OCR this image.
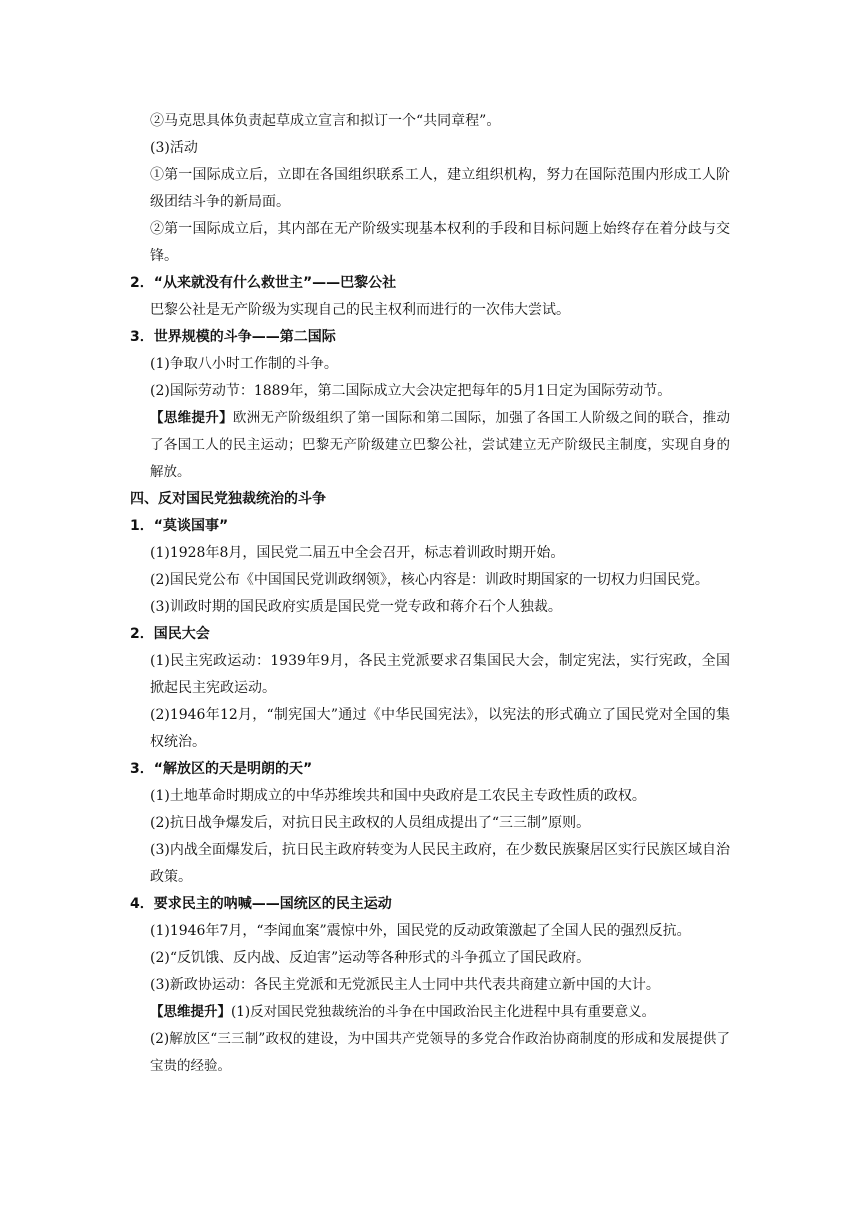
②马克思具体负责起草成立宣言和拟订一个“共同章程”。
(3)活动
①第一国际成立后，立即在各国组织联系工人，建立组织机构，努力在国际范围内形成工人阶级团结斗争的新局面。
②第一国际成立后，其内部在无产阶级实现基本权利的手段和目标问题上始终存在着分歧与交锋。
2．“从来就没有什么救世主”——巴黎公社
巴黎公社是无产阶级为实现自己的民主权利而进行的一次伟大尝试。
3．世界规模的斗争——第二国际
(1)争取八小时工作制的斗争。
(2)国际劳动节：1889年，第二国际成立大会决定把每年的5月1日定为国际劳动节。
【思维提升】欧洲无产阶级组织了第一国际和第二国际，加强了各国工人阶级之间的联合，推动了各国工人的民主运动；巴黎无产阶级建立巴黎公社，尝试建立无产阶级民主制度，实现自身的解放。
四、反对国民党独裁统治的斗争
1．“莫谈国事”
(1)1928年8月，国民党二届五中全会召开，标志着训政时期开始。
(2)国民党公布《中国国民党训政纲领》，核心内容是：训政时期国家的一切权力归国民党。
(3)训政时期的国民政府实质是国民党一党专政和蒋介石个人独裁。
2．国民大会
(1)民主宪政运动：1939年9月，各民主党派要求召集国民大会，制定宪法，实行宪政，全国掀起民主宪政运动。
(2)1946年12月，“制宪国大”通过《中华民国宪法》，以宪法的形式确立了国民党对全国的集权统治。
3．“解放区的天是明朗的天”
(1)土地革命时期成立的中华苏维埃共和国中央政府是工农民主专政性质的政权。
(2)抗日战争爆发后，对抗日民主政权的人员组成提出了“三三制”原则。
(3)内战全面爆发后，抗日民主政府转变为人民民主政府，在少数民族聚居区实行民族区域自治政策。
4．要求民主的呐喊——国统区的民主运动
(1)1946年7月，“李闻血案”震惊中外，国民党的反动政策激起了全国人民的强烈反抗。
(2)“反饥饿、反内战、反迫害”运动等各种形式的斗争孤立了国民政府。
(3)新政协运动：各民主党派和无党派民主人士同中共代表共商建立新中国的大计。
【思维提升】(1)反对国民党独裁统治的斗争在中国政治民主化进程中具有重要意义。
(2)解放区“三三制”政权的建设，为中国共产党领导的多党合作政治协商制度的形成和发展提供了宝贵的经验。
